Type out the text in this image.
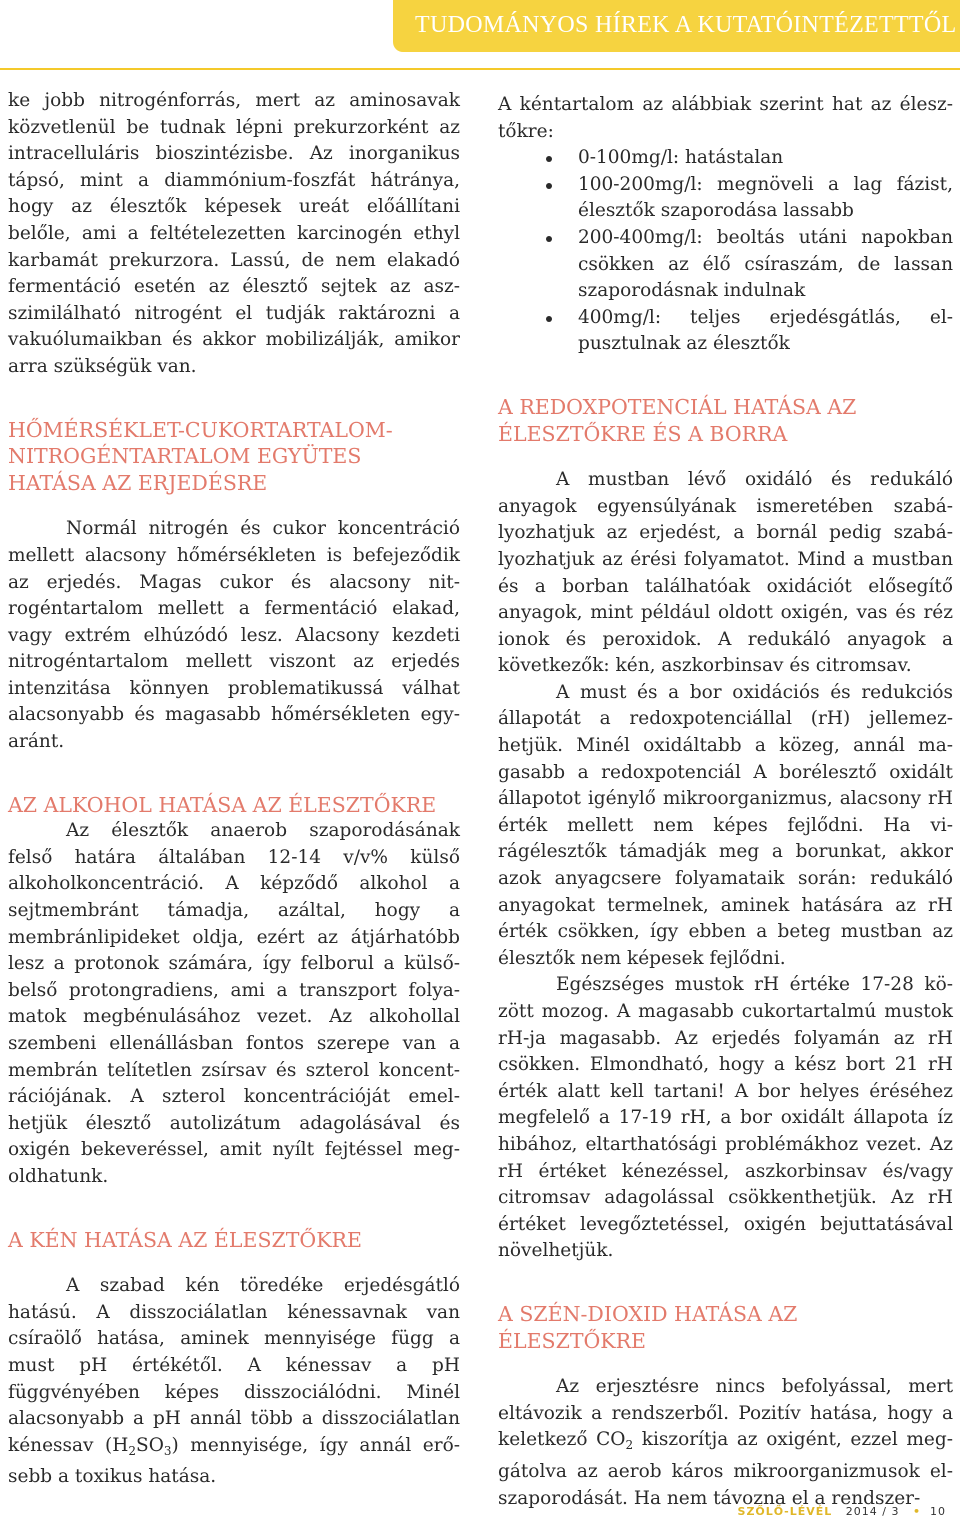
TUDOMÁNYOS HÍREK A KUTATÓINTÉZETTTŐL

ke jobb nitrogénforrás, mert az aminosavak közvetlenül be tudnak lépni prekurzorként az intracelluláris bioszintézisbe. Az inorganikus tápsó, mint a diammónium-foszfát hátránya, hogy az élesztők képesek ureát előállítani belőle, ami a feltételezetten karcinogén ethyl karbamát prekurzora. Lassú, de nem elakadó fermentáció esetén az élesztő sejtek az aszszimilálható nitrogént el tudják raktározni a vakuólumaikban és akkor mobilizálják, amikor arra szükségük van.

HŐMÉRSÉKLET-CUKORTARTALOM-NITROGÉNTARTALOM EGYÜTES HATÁSA AZ ERJEDÉSRE

Normál nitrogén és cukor koncentráció mellett alacsony hőmérsékleten is befejeződik az erjedés. Magas cukor és alacsony nitrogéntartalom mellett a fermentáció elakad, vagy extrém elhúzódó lesz. Alacsony kezdeti nitrogéntartalom mellett viszont az erjedés intenzitása könnyen problematikussá válhat alacsonyabb és magasabb hőmérsékleten egyaránt.

AZ ALKOHOL HATÁSA AZ ÉLESZTŐKRE

Az élesztők anaerob szaporodásának felső határa általában 12-14 v/v% külső alkoholkoncentráció. A képződő alkohol a sejtmembránt támadja, azáltal, hogy a membránlipideket oldja, ezért az átjárhatóbb lesz a protonok számára, így felborul a külső-belső protongradiens, ami a transzport folyamatok megbénulásához vezet. Az alkohollal szembeni ellenállásban fontos szerepe van a membrán telítetlen zsírsav és szterol koncentrációjának. A szterol koncentrációját emelhetjük élesztő autolizátum adagolásával és oxigén bekeveréssel, amit nyílt fejtéssel megoldhatunk.

A KÉN HATÁSA AZ ÉLESZTŐKRE

A szabad kén töredéke erjedésgátló hatású. A disszociálatlan kénessavnak van csíraölő hatása, aminek mennyisége függ a must pH értékétől. A kénessav a pH függvényében képes disszociálódni. Minél alacsonyabb a pH annál több a disszociálatlan kénessav $(H_2SO_3)$ mennyisége, így annál erősebb a toxikus hatása.

A kéntartalom az alábbiak szerint hat az élesztőkre:

0-100mg/l: hatástalan
100-200mg/l: megnöveli a lag fázist, élesztők szaporodása lassabb
200-400mg/l: beoltás utáni napokban csökken az élő csíraszám, de lassan szaporodásnak indulnak
400mg/l: teljes erjedésgátlás, elpusztulnak az élesztők
A REDOXPOTENCIÁL HATÁSA AZ ÉLESZTŐKRE ÉS A BORRA

A mustban lévő oxidáló és redukáló anyagok egyensúlyának ismeretében szabályozhatjuk az erjedést, a bornál pedig szabályozhatjuk az érési folyamatot. Mind a mustban és a borban találhatóak oxidációt elősegítő anyagok, mint például oldott oxigén, vas és réz ionok és peroxidok. A redukáló anyagok a következők: kén, aszkorbinsav és citromsav.

A must és a bor oxidációs és redukciós állapotát a redoxpotenciállal (rH) jellemezhetjük. Minél oxidáltabb a közeg, annál magasabb a redoxpotenciál A borélesztő oxidált állapotot igénylő mikroorganizmus, alacsony rH érték mellett nem képes fejlődni. Ha virágélesztők támadják meg a borunkat, akkor azok anyagcsere folyamataik során: redukáló anyagokat termelnek, aminek hatására az rH érték csökken, így ebben a beteg mustban az élesztők nem képesek fejlődni.

Egészséges mustok rH értéke 17-28 között mozog. A magasabb cukortartalmú mustok rH-ja magasabb. Az erjedés folyamán az rH csökken. Elmondható, hogy a kész bort 21 rH érték alatt kell tartani! A bor helyes éréséhez megfelelő a 17-19 rH, a bor oxidált állapota íz hibához, eltarthatósági problémákhoz vezet. Az rH értéket kénezéssel, aszkorbinsav és/vagy citromsav adagolással csökkenthetjük. Az rH értéket levegőztetéssel, oxigén bejuttatásával növelhetjük.

A SZÉN-DIOXID HATÁSA AZ ÉLESZTŐKRE

Az erjesztésre nincs befolyással, mert eltávozik a rendszerből. Pozitív hatása, hogy a keletkező $CO_2$ kiszorítja az oxigént, ezzel meggátolva az aerob káros mikroorganizmusok elszaporodását. Ha nem távozna el a rendszer-

SZŐLŐ-LÉVÉL 2014 / 3 • 10
